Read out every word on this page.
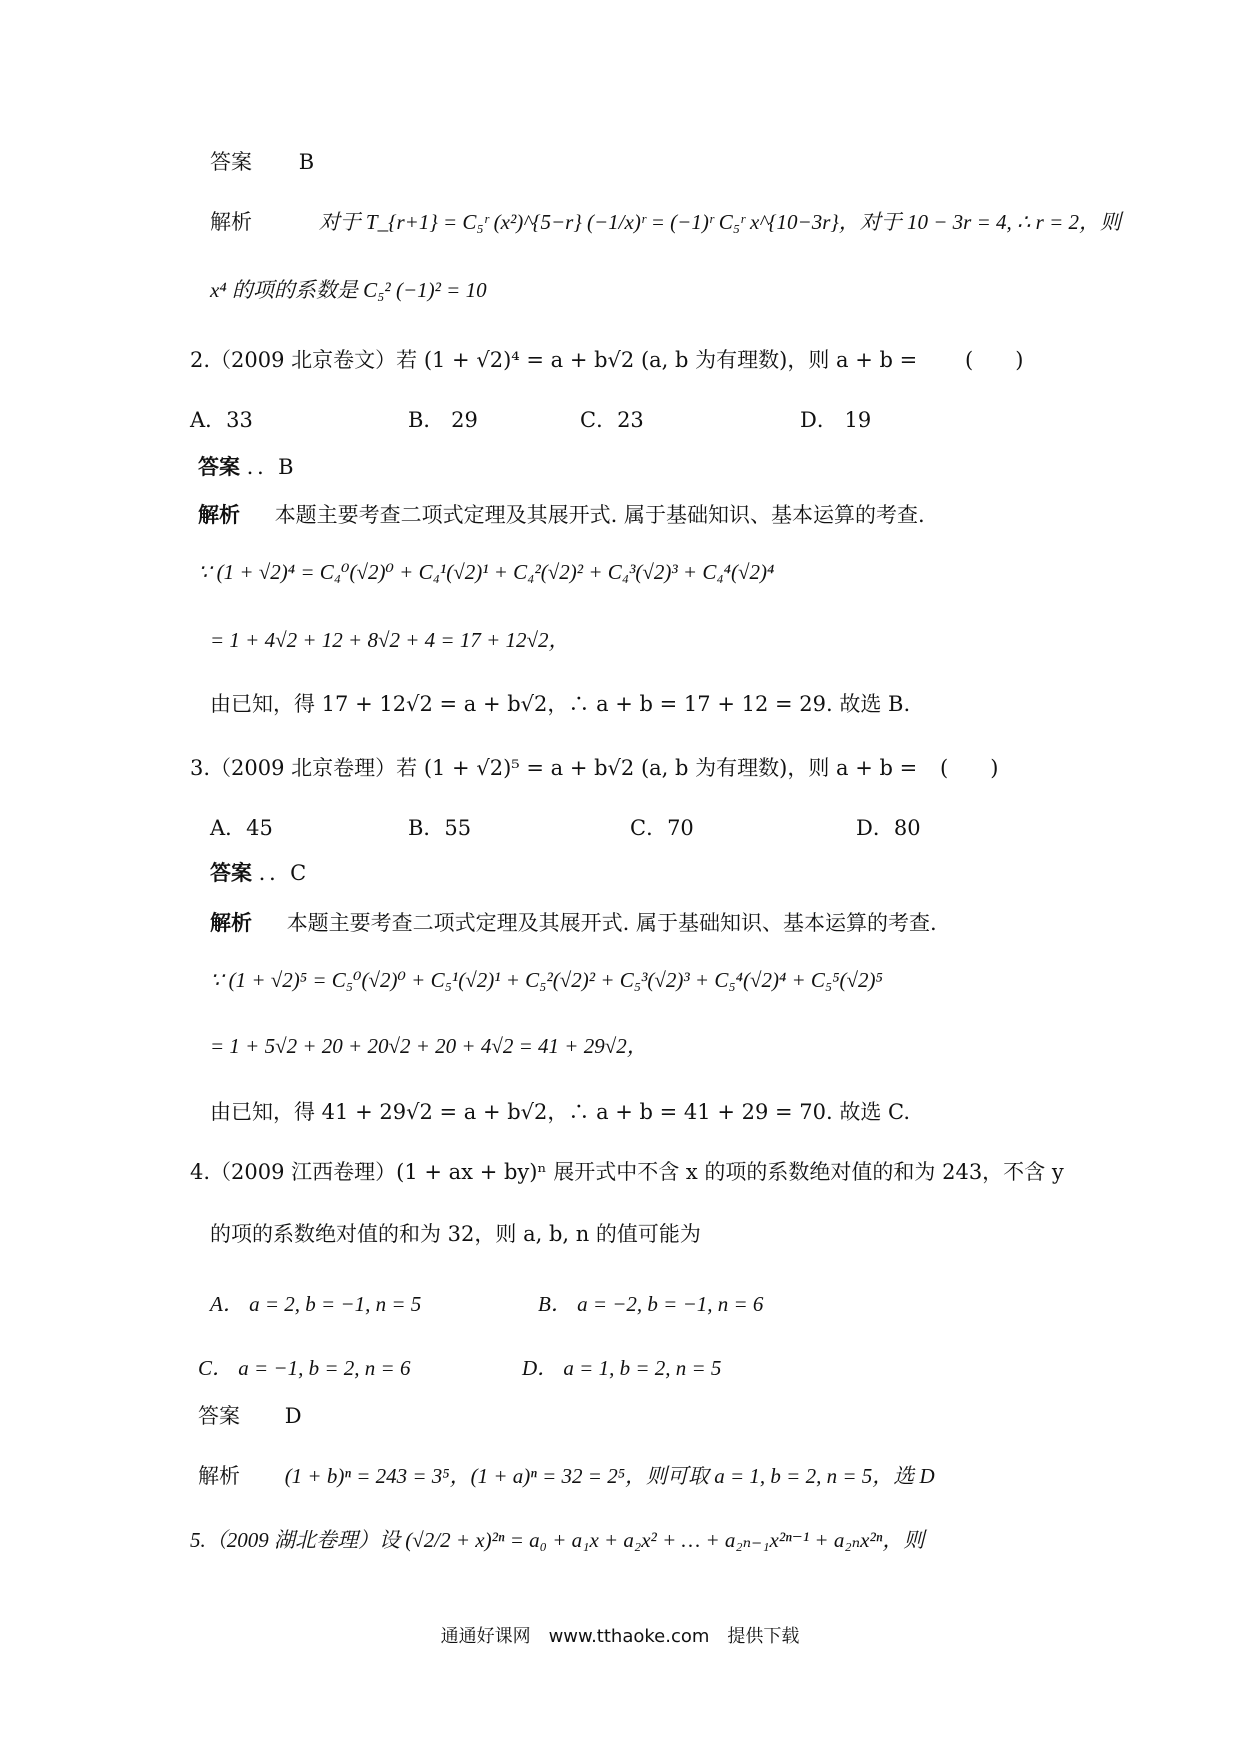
答案 B
解析	对于 T_{r+1} = C₅ʳ (x²)^{5−r} (−1/x)ʳ = (−1)ʳ C₅ʳ x^{10−3r}，对于 10 − 3r = 4, ∴ r = 2，则
x⁴ 的项的系数是 C₅² (−1)² = 10
2.（2009 北京卷文）若 (1 + √2)⁴ = a + b√2 (a, b 为有理数)，则 a + b = (　　)
A．33	B． 29	C．23	D． 19
答案 ．．B
解析 本题主要考查二项式定理及其展开式. 属于基础知识、基本运算的考查.
∵ (1 + √2)⁴ = C₄⁰(√2)⁰ + C₄¹(√2)¹ + C₄²(√2)² + C₄³(√2)³ + C₄⁴(√2)⁴
= 1 + 4√2 + 12 + 8√2 + 4 = 17 + 12√2，
由已知，得 17 + 12√2 = a + b√2，∴ a + b = 17 + 12 = 29. 故选 B.
3.（2009 北京卷理）若 (1 + √2)⁵ = a + b√2 (a, b 为有理数)，则 a + b = (　　)
A．45	B．55	C．70	D．80
答案 ．．C
解析 本题主要考查二项式定理及其展开式. 属于基础知识、基本运算的考查.
∵ (1 + √2)⁵ = C₅⁰(√2)⁰ + C₅¹(√2)¹ + C₅²(√2)² + C₅³(√2)³ + C₅⁴(√2)⁴ + C₅⁵(√2)⁵
= 1 + 5√2 + 20 + 20√2 + 20 + 4√2 = 41 + 29√2，
由已知，得 41 + 29√2 = a + b√2，∴ a + b = 41 + 29 = 70. 故选 C.
4.（2009 江西卷理）(1 + ax + by)ⁿ 展开式中不含 x 的项的系数绝对值的和为 243，不含 y
的项的系数绝对值的和为 32，则 a, b, n 的值可能为
A． a = 2, b = −1, n = 5	B． a = −2, b = −1, n = 6
C． a = −1, b = 2, n = 6	D． a = 1, b = 2, n = 5
答案 D
解析 (1 + b)ⁿ = 243 = 3⁵，(1 + a)ⁿ = 32 = 2⁵，则可取 a = 1, b = 2, n = 5，选 D
5.（2009 湖北卷理）设 (√2/2 + x)²ⁿ = a₀ + a₁x + a₂x² + … + a₂ₙ₋₁x²ⁿ⁻¹ + a₂ₙx²ⁿ，则
通通好课网　www.tthaoke.com　提供下载
